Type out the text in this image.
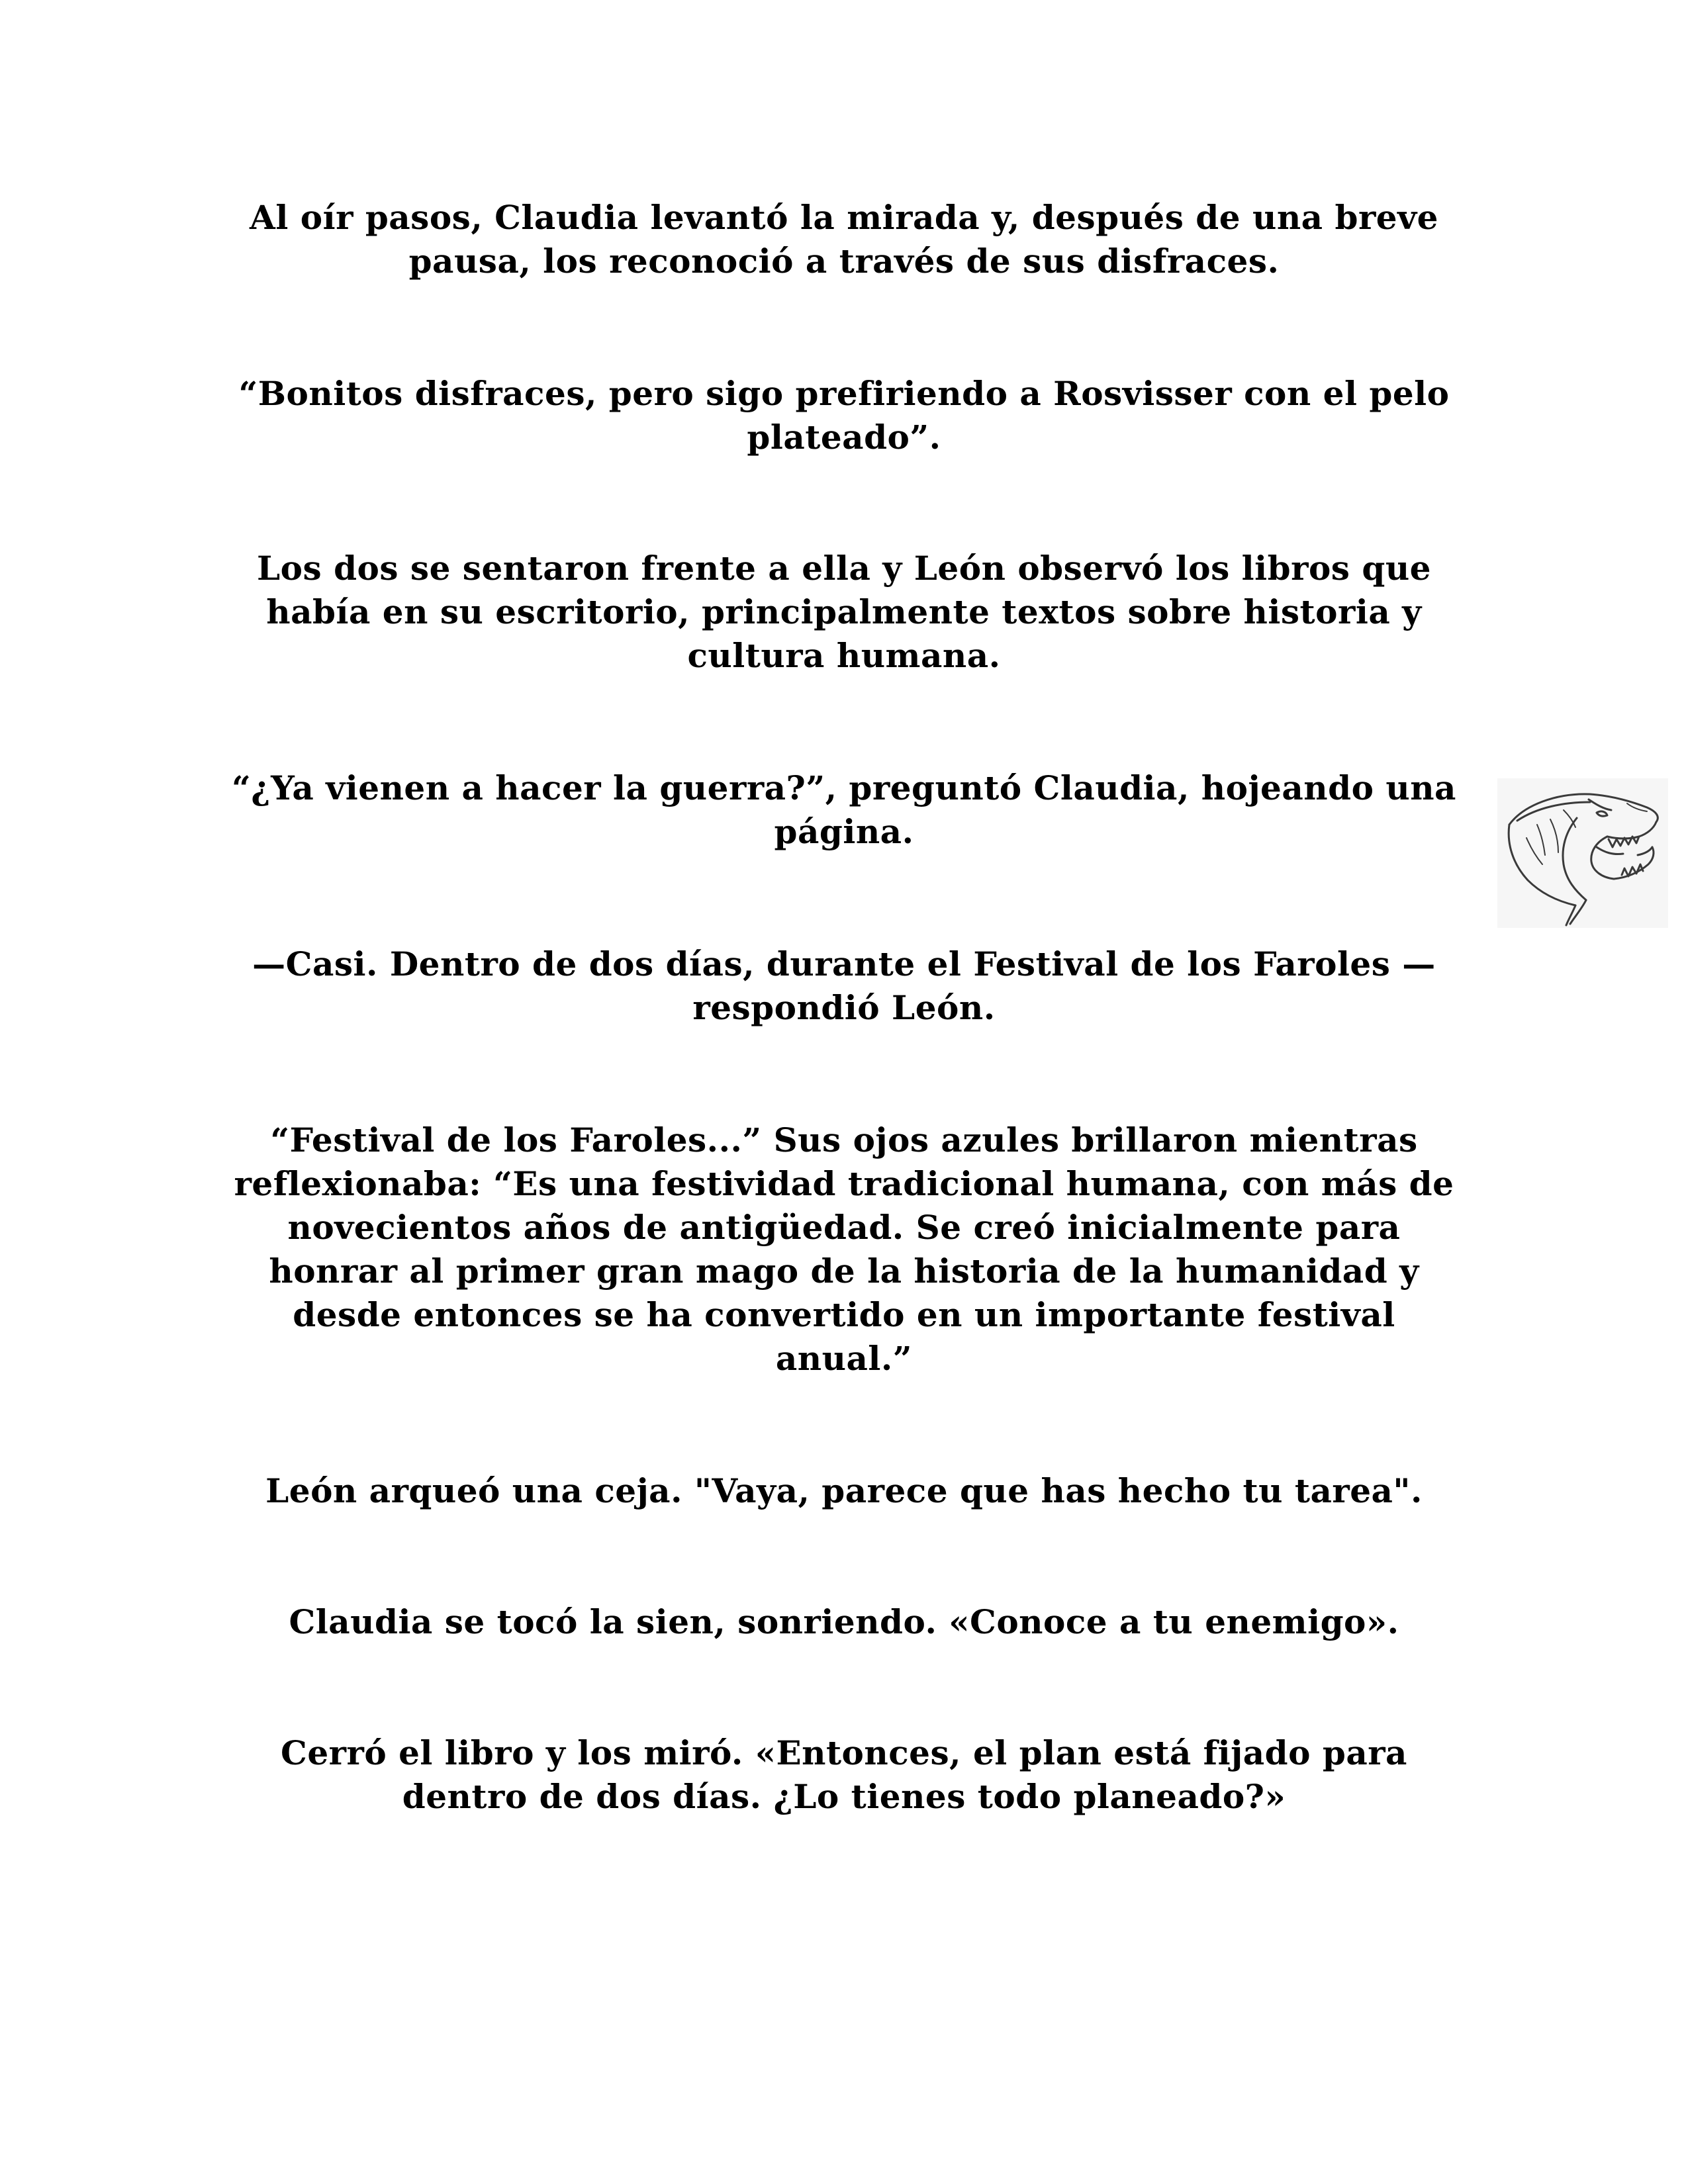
Al oír pasos, Claudia levantó la mirada y, después de una breve pausa, los reconoció a través de sus disfraces.

“Bonitos disfraces, pero sigo prefiriendo a Rosvisser con el pelo plateado”.

Los dos se sentaron frente a ella y León observó los libros que había en su escritorio, principalmente textos sobre historia y cultura humana.

“¿Ya vienen a hacer la guerra?”, preguntó Claudia, hojeando una página.

—Casi. Dentro de dos días, durante el Festival de los Faroles —respondió León.

“Festival de los Faroles...” Sus ojos azules brillaron mientras reflexionaba: “Es una festividad tradicional humana, con más de novecientos años de antigüedad. Se creó inicialmente para honrar al primer gran mago de la historia de la humanidad y desde entonces se ha convertido en un importante festival anual.”

León arqueó una ceja. "Vaya, parece que has hecho tu tarea".

Claudia se tocó la sien, sonriendo. «Conoce a tu enemigo».

Cerró el libro y los miró. «Entonces, el plan está fijado para dentro de dos días. ¿Lo tienes todo planeado?»
